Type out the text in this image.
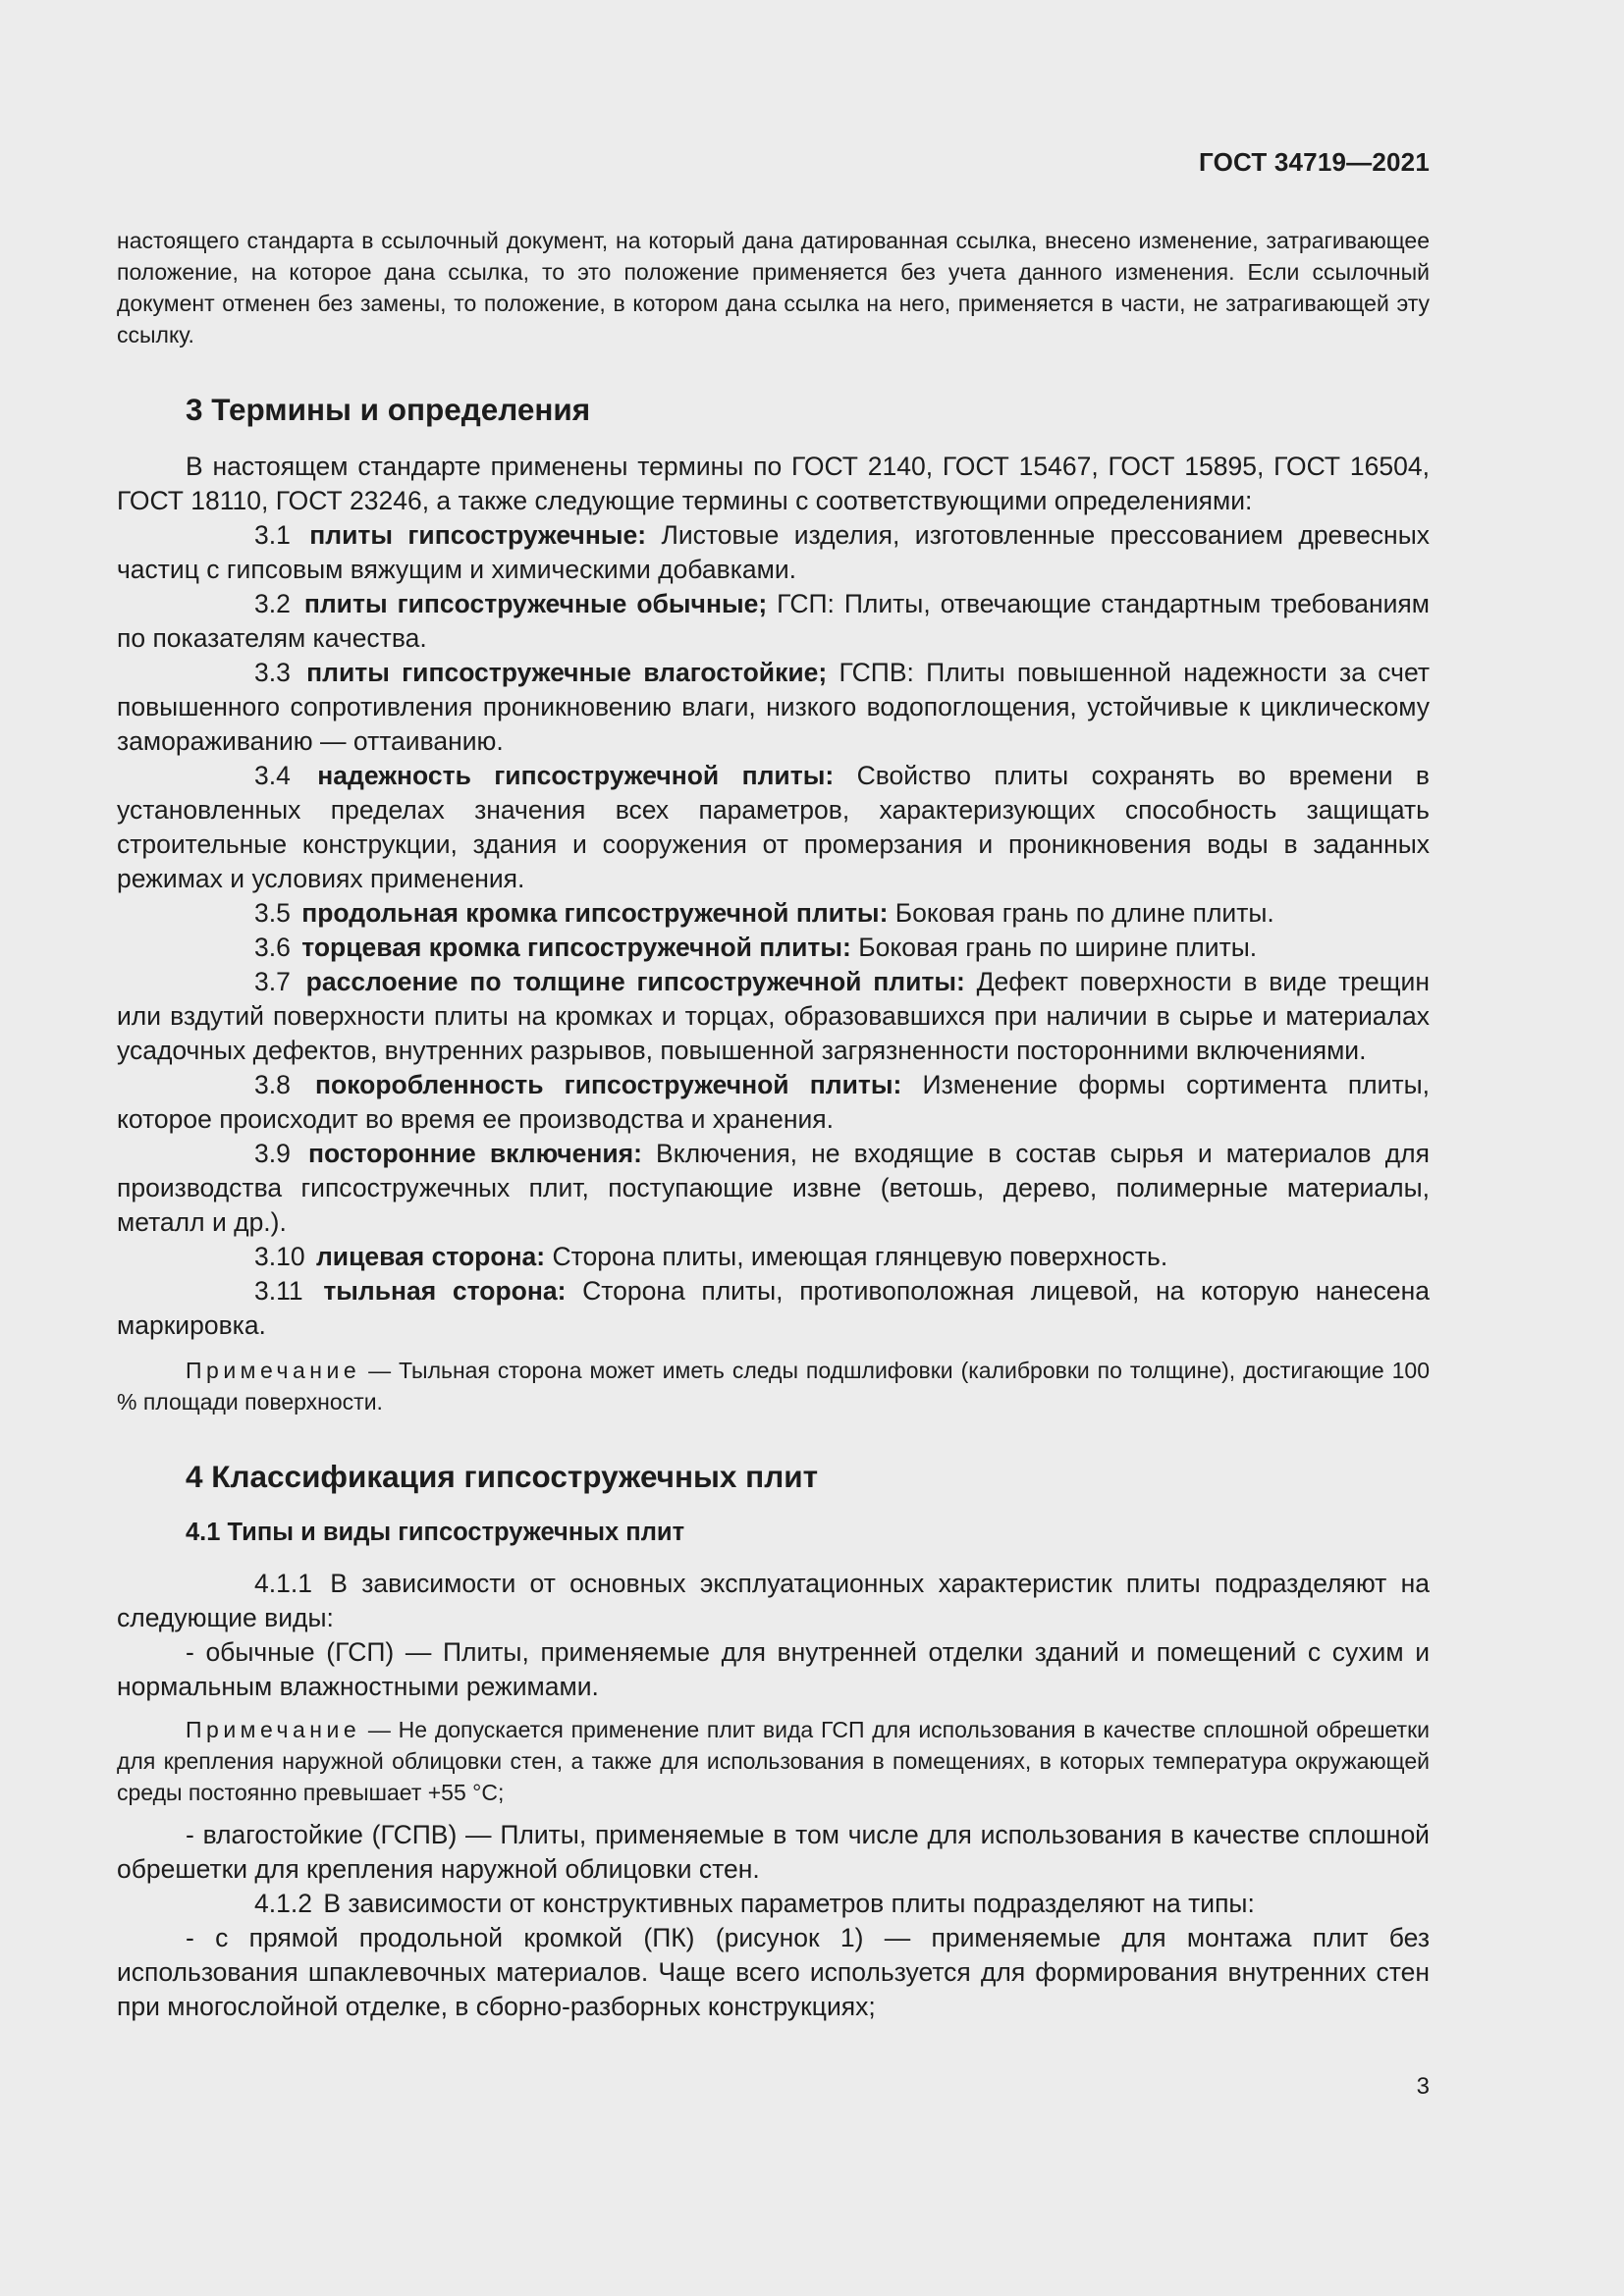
ГОСТ 34719—2021

настоящего стандарта в ссылочный документ, на который дана датированная ссылка, внесено изменение, затрагивающее положение, на которое дана ссылка, то это положение применяется без учета данного изменения. Если ссылочный документ отменен без замены, то положение, в котором дана ссылка на него, применяется в части, не затрагивающей эту ссылку.

3 Термины и определения

В настоящем стандарте применены термины по ГОСТ 2140, ГОСТ 15467, ГОСТ 15895, ГОСТ 16504, ГОСТ 18110, ГОСТ 23246, а также следующие термины с соответствующими определениями:

3.1 плиты гипсостружечные: Листовые изделия, изготовленные прессованием древесных частиц с гипсовым вяжущим и химическими добавками.

3.2 плиты гипсостружечные обычные; ГСП: Плиты, отвечающие стандартным требованиям по показателям качества.

3.3 плиты гипсостружечные влагостойкие; ГСПВ: Плиты повышенной надежности за счет повышенного сопротивления проникновению влаги, низкого водопоглощения, устойчивые к циклическому замораживанию — оттаиванию.

3.4 надежность гипсостружечной плиты: Свойство плиты сохранять во времени в установленных пределах значения всех параметров, характеризующих способность защищать строительные конструкции, здания и сооружения от промерзания и проникновения воды в заданных режимах и условиях применения.

3.5 продольная кромка гипсостружечной плиты: Боковая грань по длине плиты.

3.6 торцевая кромка гипсостружечной плиты: Боковая грань по ширине плиты.

3.7 расслоение по толщине гипсостружечной плиты: Дефект поверхности в виде трещин или вздутий поверхности плиты на кромках и торцах, образовавшихся при наличии в сырье и материалах усадочных дефектов, внутренних разрывов, повышенной загрязненности посторонними включениями.

3.8 покоробленность гипсостружечной плиты: Изменение формы сортимента плиты, которое происходит во время ее производства и хранения.

3.9 посторонние включения: Включения, не входящие в состав сырья и материалов для производства гипсостружечных плит, поступающие извне (ветошь, дерево, полимерные материалы, металл и др.).

3.10 лицевая сторона: Сторона плиты, имеющая глянцевую поверхность.

3.11 тыльная сторона: Сторона плиты, противоположная лицевой, на которую нанесена маркировка.

Примечание — Тыльная сторона может иметь следы подшлифовки (калибровки по толщине), достигающие 100 % площади поверхности.

4 Классификация гипсостружечных плит
4.1 Типы и виды гипсостружечных плит

4.1.1 В зависимости от основных эксплуатационных характеристик плиты подразделяют на следующие виды:

- обычные (ГСП) — Плиты, применяемые для внутренней отделки зданий и помещений с сухим и нормальным влажностными режимами.

Примечание — Не допускается применение плит вида ГСП для использования в качестве сплошной обрешетки для крепления наружной облицовки стен, а также для использования в помещениях, в которых температура окружающей среды постоянно превышает +55 °С;

- влагостойкие (ГСПВ) — Плиты, применяемые в том числе для использования в качестве сплошной обрешетки для крепления наружной облицовки стен.

4.1.2 В зависимости от конструктивных параметров плиты подразделяют на типы:

- с прямой продольной кромкой (ПК) (рисунок 1) — применяемые для монтажа плит без использования шпаклевочных материалов. Чаще всего используется для формирования внутренних стен при многослойной отделке, в сборно-разборных конструкциях;

3
